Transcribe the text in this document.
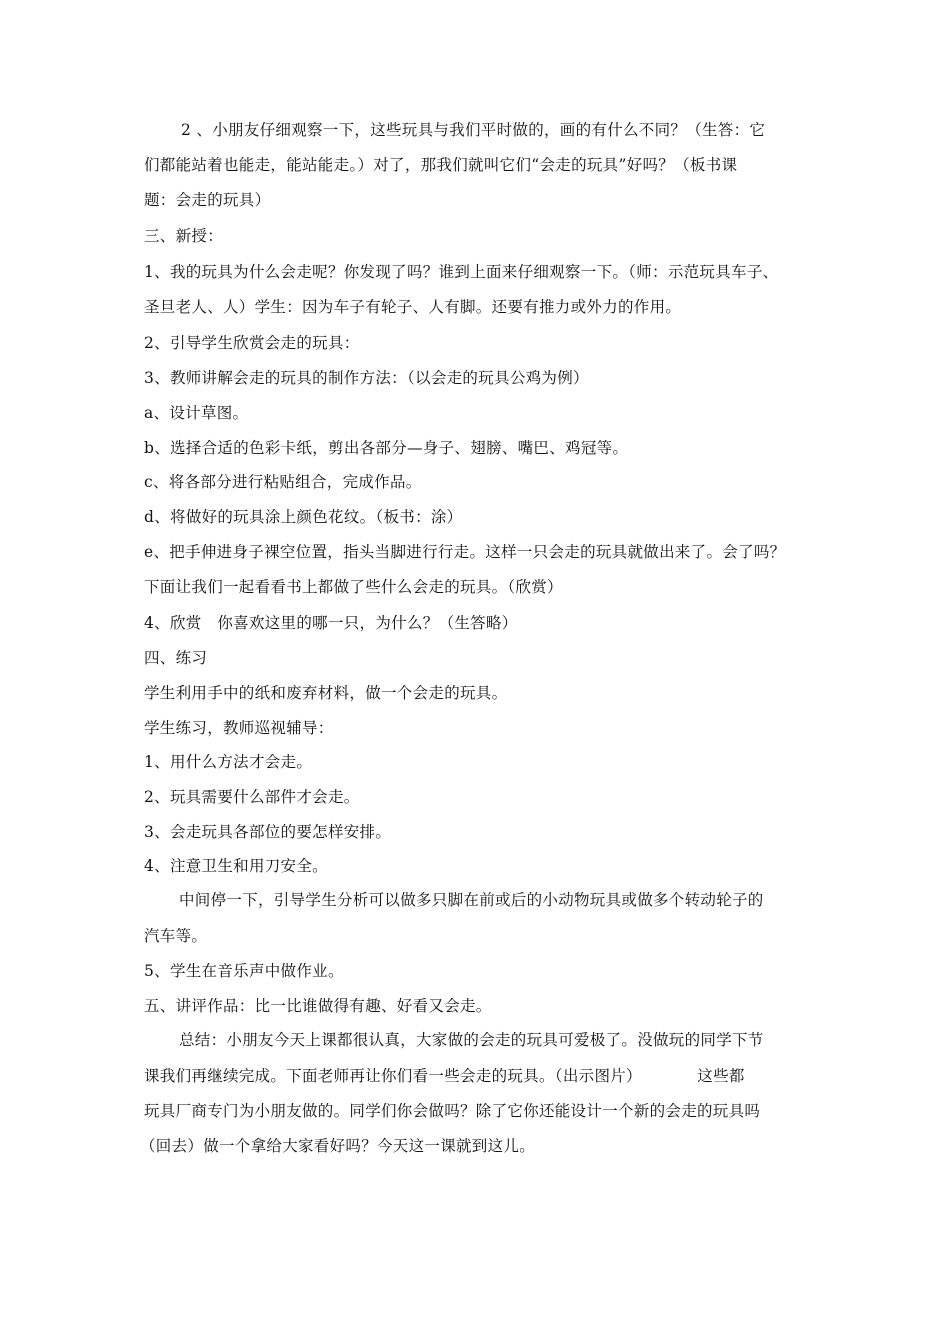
2 、小朋友仔细观察一下，这些玩具与我们平时做的，画的有什么不同？（生答：它
们都能站着也能走，能站能走。）对了，那我们就叫它们“会走的玩具”好吗？（板书课
题：会走的玩具）
三、新授：
1、我的玩具为什么会走呢？你发现了吗？谁到上面来仔细观察一下。（师：示范玩具车子、
圣旦老人、人）学生：因为车子有轮子、人有脚。还要有推力或外力的作用。
2、引导学生欣赏会走的玩具：
3、教师讲解会走的玩具的制作方法：（以会走的玩具公鸡为例）
a、设计草图。
b、选择合适的色彩卡纸，剪出各部分—身子、翅膀、嘴巴、鸡冠等。
c、将各部分进行粘贴组合，完成作品。
d、将做好的玩具涂上颜色花纹。（板书：涂）
e、把手伸进身子裸空位置，指头当脚进行行走。这样一只会走的玩具就做出来了。会了吗？
下面让我们一起看看书上都做了些什么会走的玩具。（欣赏）
4、欣赏　你喜欢这里的哪一只，为什么？（生答略）
四、练习
学生利用手中的纸和废弃材料，做一个会走的玩具。
学生练习，教师巡视辅导：
1、用什么方法才会走。
2、玩具需要什么部件才会走。
3、会走玩具各部位的要怎样安排。
4、注意卫生和用刀安全。
中间停一下，引导学生分析可以做多只脚在前或后的小动物玩具或做多个转动轮子的
汽车等。
5、学生在音乐声中做作业。
五、讲评作品：比一比谁做得有趣、好看又会走。
总结：小朋友今天上课都很认真，大家做的会走的玩具可爱极了。没做玩的同学下节
课我们再继续完成。下面老师再让你们看一些会走的玩具。（出示图片）　　　　这些都
玩具厂商专门为小朋友做的。同学们你会做吗？除了它你还能设计一个新的会走的玩具吗
（回去）做一个拿给大家看好吗？今天这一课就到这儿。
